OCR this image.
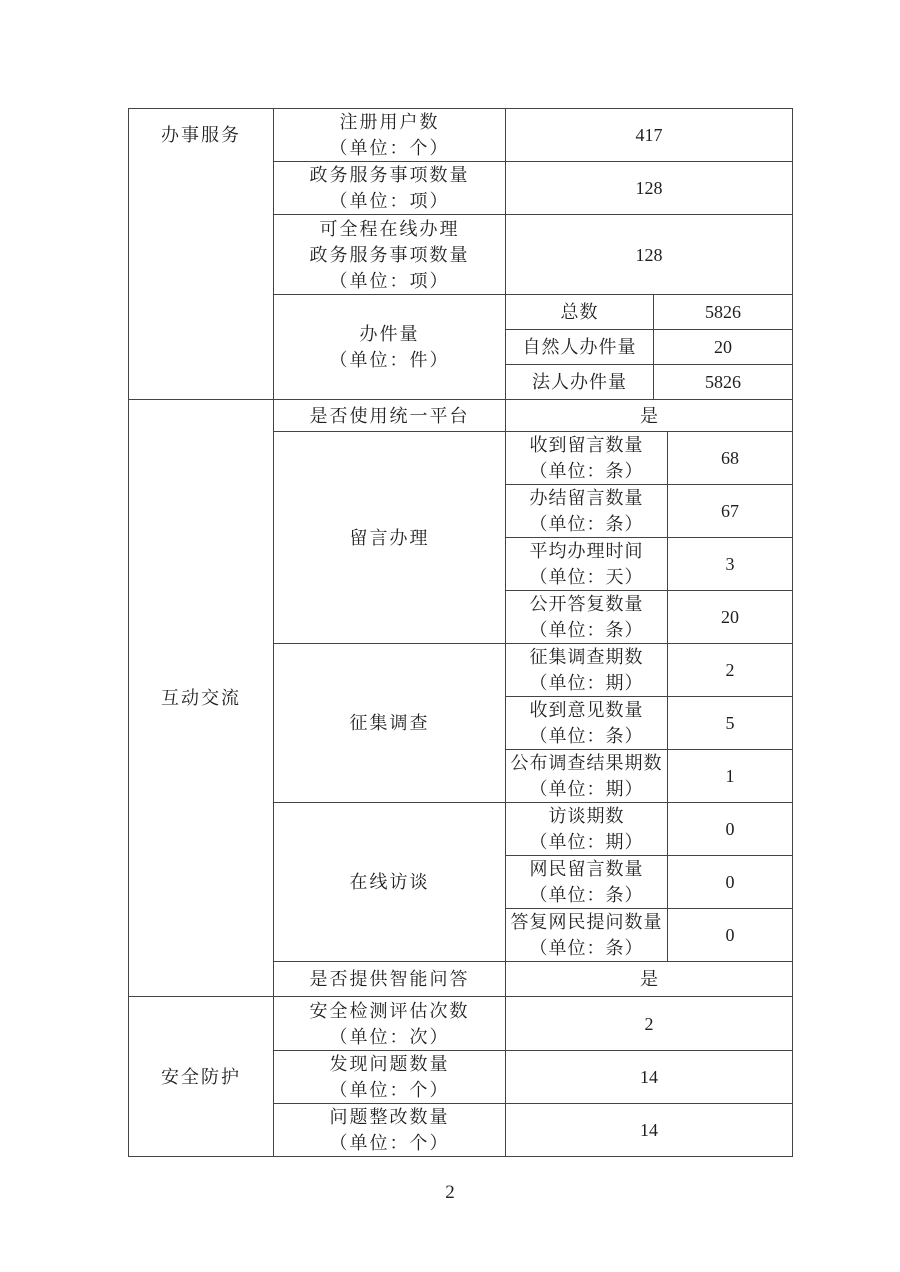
办事服务	注册用户数
（单位：个）	417		

	政务服务事项数量
（单位：项）	128		

	可全程在线办理
政务服务事项数量
（单位：项）	128		

	办件量
（单位：件）	总数	5826	
		自然人办件量	20	
		法人办件量	5826	

互动交流	是否使用统一平台	是		
	留言办理	收到留言数量
（单位：条）		68

		办结留言数量
（单位：条）		67

		平均办理时间
（单位：天）		3

		公开答复数量
（单位：条）		20
	征集调查	征集调查期数
（单位：期）		2

		收到意见数量
（单位：条）		5

		公布调查结果期数
（单位：期）		1
	在线访谈	访谈期数
（单位：期）		0

		网民留言数量
（单位：条）		0

		答复网民提问数量
（单位：条）		0
	是否提供智能问答	是		

安全防护	安全检测评估次数
（单位：次）	2		

	发现问题数量
（单位：个）	14		

	问题整改数量
（单位：个）	14		
2
